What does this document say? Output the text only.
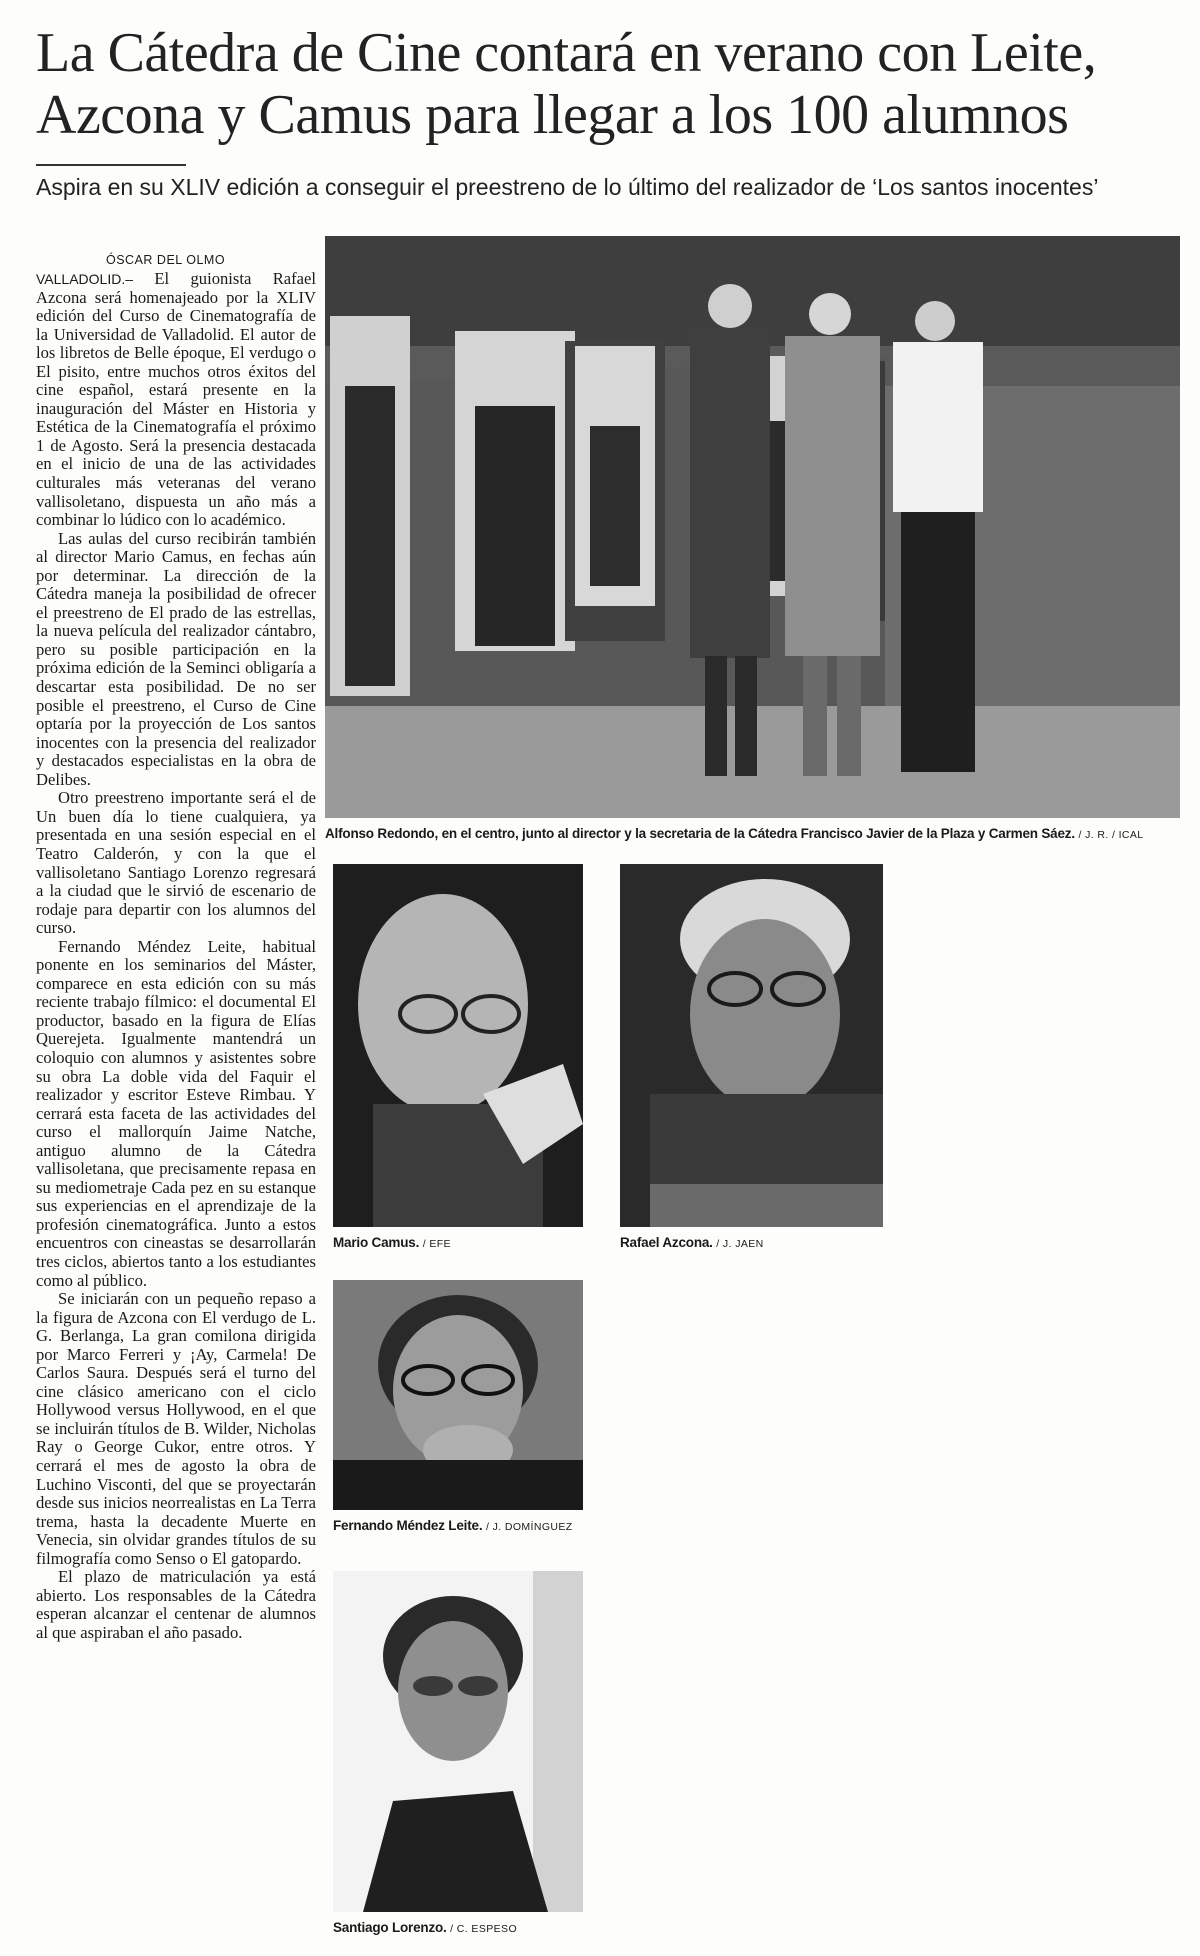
La Cátedra de Cine contará en verano con Leite,
Azcona y Camus para llegar a los 100 alumnos

Aspira en su XLIV edición a conseguir el preestreno de lo último del realizador de ‘Los santos inocentes’

ÓSCAR DEL OLMO

VALLADOLID.– El guionista Rafael Azcona será homenajeado por la XLIV edición del Curso de Cinematografía de la Universidad de Valladolid. El autor de los libretos de Belle époque, El verdugo o El pisito, entre muchos otros éxitos del cine español, estará presente en la inauguración del Máster en Historia y Estética de la Cinematografía el próximo 1 de Agosto. Será la presencia destacada en el inicio de una de las actividades culturales más veteranas del verano vallisoletano, dispuesta un año más a combinar lo lúdico con lo académico.

Las aulas del curso recibirán también al director Mario Camus, en fechas aún por determinar. La dirección de la Cátedra maneja la posibilidad de ofrecer el preestreno de El prado de las estrellas, la nueva película del realizador cántabro, pero su posible participación en la próxima edición de la Seminci obligaría a descartar esta posibilidad. De no ser posible el preestreno, el Curso de Cine optaría por la proyección de Los santos inocentes con la presencia del realizador y destacados especialistas en la obra de Delibes.

Otro preestreno importante será el de Un buen día lo tiene cualquiera, ya presentada en una sesión especial en el Teatro Calderón, y con la que el vallisoletano Santiago Lorenzo regresará a la ciudad que le sirvió de escenario de rodaje para departir con los alumnos del curso.

Fernando Méndez Leite, habitual ponente en los seminarios del Máster, comparece en esta edición con su más reciente trabajo fílmico: el documental El productor, basado en la figura de Elías Querejeta. Igualmente mantendrá un coloquio con alumnos y asistentes sobre su obra La doble vida del Faquir el realizador y escritor Esteve Rimbau. Y cerrará esta faceta de las actividades del curso el mallorquín Jaime Natche, antiguo alumno de la Cátedra vallisoletana, que precisamente repasa en su mediometraje Cada pez en su estanque sus experiencias en el aprendizaje de la profesión cinematográfica. Junto a estos encuentros con cineastas se desarrollarán tres ciclos, abiertos tanto a los estudiantes como al público.

Se iniciarán con un pequeño repaso a la figura de Azcona con El verdugo de L. G. Berlanga, La gran comilona dirigida por Marco Ferreri y ¡Ay, Carmela! De Carlos Saura. Después será el turno del cine clásico americano con el ciclo Hollywood versus Hollywood, en el que se incluirán títulos de B. Wilder, Nicholas Ray o George Cukor, entre otros. Y cerrará el mes de agosto la obra de Luchino Visconti, del que se proyectarán desde sus inicios neorrealistas en La Terra trema, hasta la decadente Muerte en Venecia, sin olvidar grandes títulos de su filmografía como Senso o El gatopardo.

El plazo de matriculación ya está abierto. Los responsables de la Cátedra esperan alcanzar el centenar de alumnos al que aspiraban el año pasado.

Alfonso Redondo, en el centro, junto al director y la secretaria de la Cátedra Francisco Javier de la Plaza y Carmen Sáez. / J. R. / ICAL
Mario Camus. / EFE	Rafael Azcona. / J. JAEN
Fernando Méndez Leite. / J. DOMÍNGUEZ
Santiago Lorenzo. / C. ESPESO
